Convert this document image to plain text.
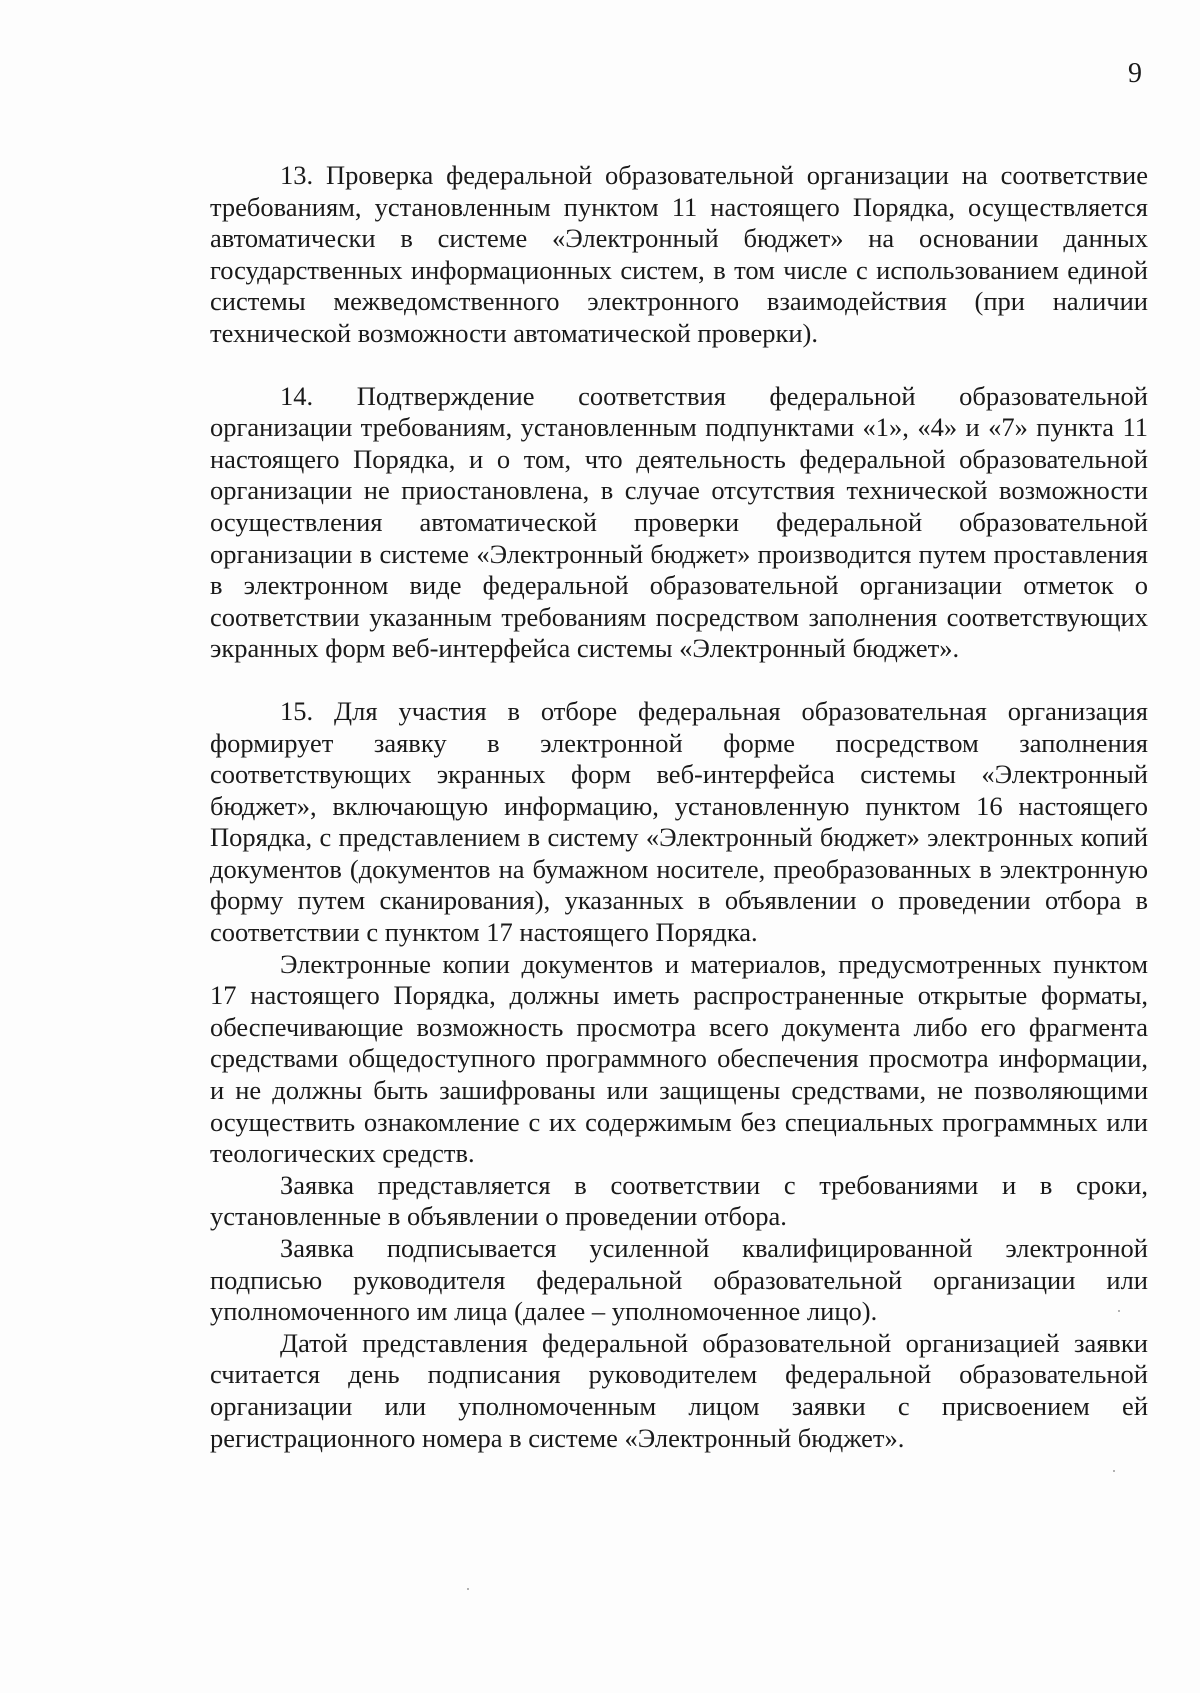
9

13. Проверка федеральной образовательной организации на соответствие требованиям, установленным пунктом 11 настоящего Порядка, осуществляется автоматически в системе «Электронный бюджет» на основании данных государственных информационных систем, в том числе с использованием единой системы межведомственного электронного взаимодействия (при наличии технической возможности автоматической проверки).

14. Подтверждение соответствия федеральной образовательной организации требованиям, установленным подпунктами «1», «4» и «7» пункта 11 настоящего Порядка, и о том, что деятельность федеральной образовательной организации не приостановлена, в случае отсутствия технической возможности осуществления автоматической проверки федеральной образовательной организации в системе «Электронный бюджет» производится путем проставления в электронном виде федеральной образовательной организации отметок о соответствии указанным требованиям посредством заполнения соответствующих экранных форм веб-интерфейса системы «Электронный бюджет».

15. Для участия в отборе федеральная образовательная организация формирует заявку в электронной форме посредством заполнения соответствующих экранных форм веб-интерфейса системы «Электронный бюджет», включающую информацию, установленную пунктом 16 настоящего Порядка, с представлением в систему «Электронный бюджет» электронных копий документов (документов на бумажном носителе, преобразованных в электронную форму путем сканирования), указанных в объявлении о проведении отбора в соответствии с пунктом 17 настоящего Порядка.

Электронные копии документов и материалов, предусмотренных пунктом 17 настоящего Порядка, должны иметь распространенные открытые форматы, обеспечивающие возможность просмотра всего документа либо его фрагмента средствами общедоступного программного обеспечения просмотра информации, и не должны быть зашифрованы или защищены средствами, не позволяющими осуществить ознакомление с их содержимым без специальных программных или теологических средств.

Заявка представляется в соответствии с требованиями и в сроки, установленные в объявлении о проведении отбора.

Заявка подписывается усиленной квалифицированной электронной подписью руководителя федеральной образовательной организации или уполномоченного им лица (далее – уполномоченное лицо).

Датой представления федеральной образовательной организацией заявки считается день подписания руководителем федеральной образовательной организации или уполномоченным лицом заявки с присвоением ей регистрационного номера в системе «Электронный бюджет».
